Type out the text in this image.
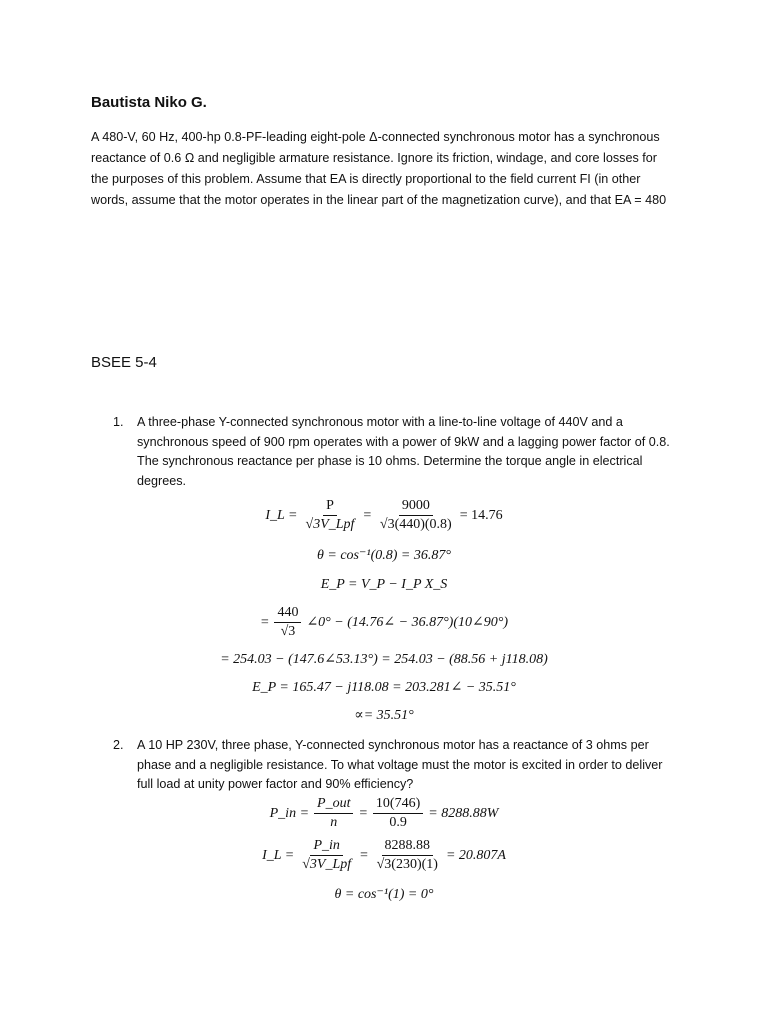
Bautista Niko G.

A 480-V, 60 Hz, 400-hp 0.8-PF-leading eight-pole Δ-connected synchronous motor has a synchronous

reactance of 0.6 Ω and negligible armature resistance. Ignore its friction, windage, and core losses for

the purposes of this problem. Assume that EA is directly proportional to the field current FI (in other

words, assume that the motor operates in the linear part of the magnetization curve), and that EA = 480

BSEE 5-4
1. A three-phase Y-connected synchronous motor with a line-to-line voltage of 440V and a

synchronous speed of 900 rpm operates with a power of 9kW and a lagging power factor of 0.8.

The synchronous reactance per phase is 10 ohms. Determine the torque angle in electrical

degrees.

I_L = $\frac{P}{\text{√3V\_Lpf}} = \frac{9000}{√3(440)(0.8)} = 14.76$
θ = cos⁻¹(0.8) = 36.87°
E_P = V_P − I_P X_S
= $\frac{440}{√3}$ ∠0° − (14.76∠ − 36.87°)(10∠90°)
= 254.03 − (147.6∠53.13°) = 254.03 − (88.56 + j118.08)
E_P = 165.47 − j118.08 = 203.281∠ − 35.51°
∝= 35.51°
2. A 10 HP 230V, three phase, Y-connected synchronous motor has a reactance of 3 ohms per

phase and a negligible resistance. To what voltage must the motor is excited in order to deliver

full load at unity power factor and 90% efficiency?

P_in = $\frac{\text{P\_out}}{n} = \frac{10(746)}{0.9} = 8288.88W$
I_L = $\frac{P\_in}{\text{√3V\_Lpf}} = \frac{8288.88}{√3(230)(1)} = 20.807A$
θ = cos⁻¹(1) = 0°
